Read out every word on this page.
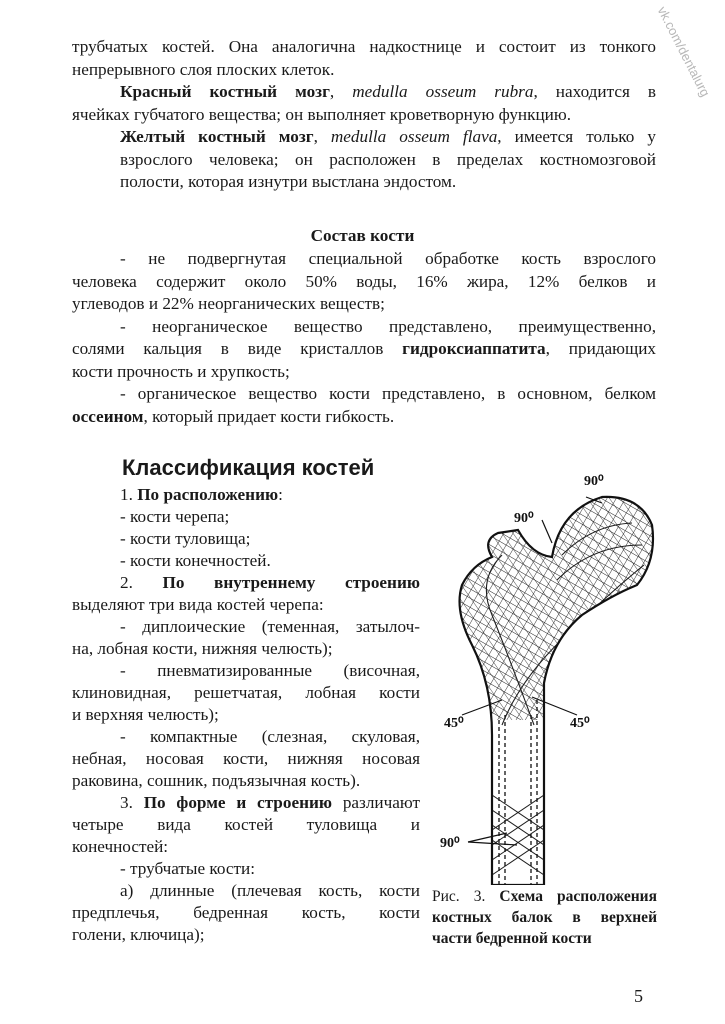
vk.com/dentalurg

трубчатых костей. Она аналогична надкостнице и состоит из тонкого
непрерывного слоя плоских клеток.

Красный костный мозг, medulla osseum rubra, находится в
ячейках губчатого вещества; он выполняет кроветворную функцию.

Желтый костный мозг, medulla osseum flava, имеется только у
взрослого человека; он расположен в пределах костномозговой
полости, которая изнутри выстлана эндостом.

Состав кости

- не подвергнутая специальной обработке кость взрослого
человека содержит около 50% воды, 16% жира, 12% белков и
углеводов и 22% неорганических веществ;

- неорганическое вещество представлено, преимущественно,
солями кальция в виде кристаллов гидроксиаппатита, придающих
кости прочность и хрупкость;

- органическое вещество кости представлено, в основном, белком
оссеином, который придает кости гибкость.

Классификация костей

1. По расположению:

- кости черепа;

- кости туловища;

- кости конечностей.

2. По внутреннему строению
выделяют три вида костей черепа:

- диплоические (теменная, затылоч-
на, лобная кости, нижняя челюсть);

- пневматизированные (височная,
клиновидная, решетчатая, лобная кости
и верхняя челюсть);

- компактные (слезная, скуловая,
небная, носовая кости, нижняя носовая
раковина, сошник, подъязычная кость).

3. По форме и строению различают
четыре вида костей туловища и
конечностей:

- трубчатые кости:

а) длинные (плечевая кость, кости
предплечья, бедренная кость, кости
голени, ключица);

90⁰
90⁰
45⁰	45⁰
90⁰
Рис. 3. Схема расположения
костных балок в верхней
части бедренной кости
5
